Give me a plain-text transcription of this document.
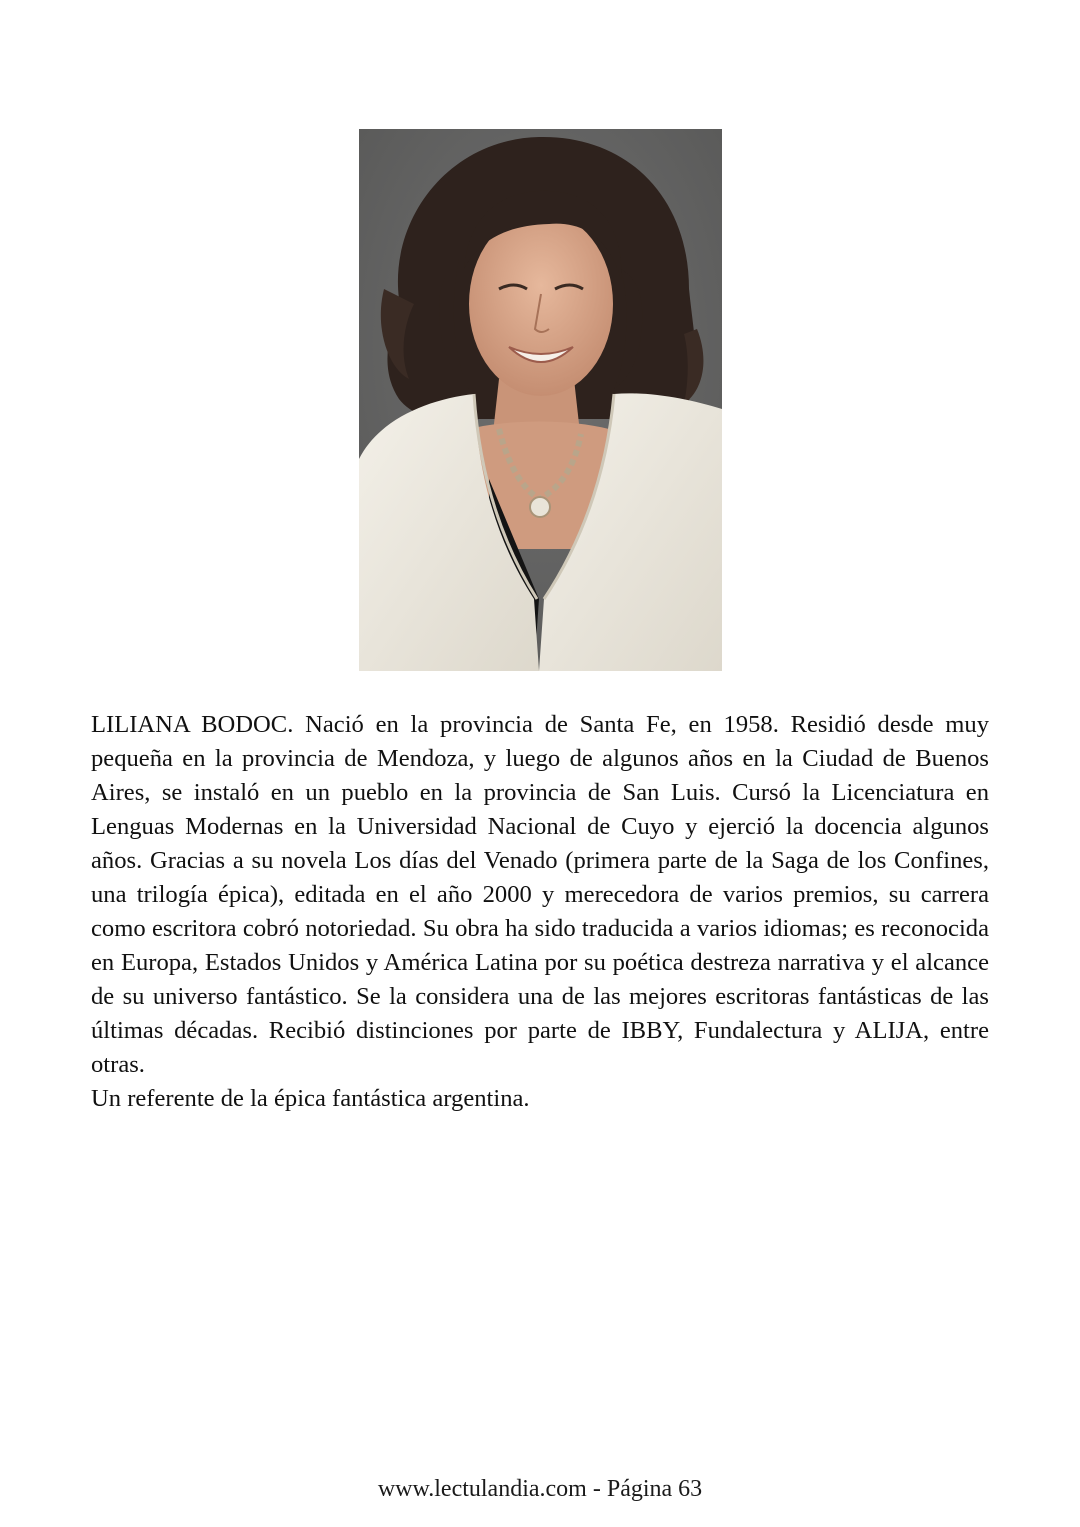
LILIANA BODOC. Nació en la provincia de Santa Fe, en 1958. Residió desde muy pequeña en la provincia de Mendoza, y luego de algunos años en la Ciudad de Buenos Aires, se instaló en un pueblo en la provincia de San Luis. Cursó la Licenciatura en Lenguas Modernas en la Universidad Nacional de Cuyo y ejerció la docencia algunos años. Gracias a su novela Los días del Venado (primera parte de la Saga de los Confines, una trilogía épica), editada en el año 2000 y merecedora de varios premios, su carrera como escritora cobró notoriedad. Su obra ha sido traducida a varios idiomas; es reconocida en Europa, Estados Unidos y América Latina por su poética destreza narrativa y el alcance de su universo fantástico. Se la considera una de las mejores escritoras fantásticas de las últimas décadas. Recibió distinciones por parte de IBBY, Fundalectura y ALIJA, entre otras.

Un referente de la épica fantástica argentina.

www.lectulandia.com - Página 63
